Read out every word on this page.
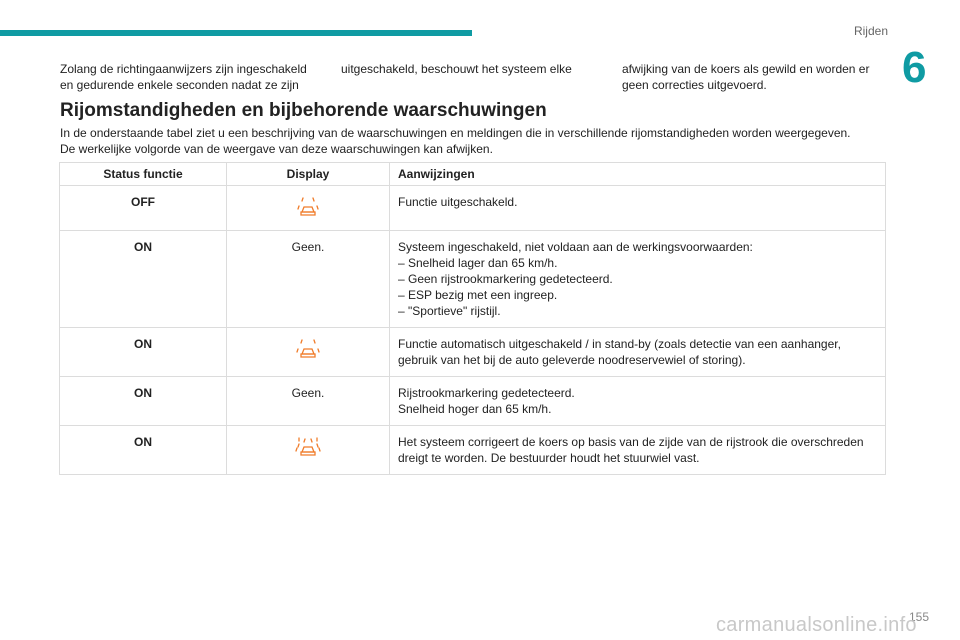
Rijden
6
Zolang de richtingaanwijzers zijn ingeschakeld en gedurende enkele seconden nadat ze zijn
uitgeschakeld, beschouwt het systeem elke	afwijking van de koers als gewild en worden er geen correcties uitgevoerd.
Rijomstandigheden en bijbehorende waarschuwingen
In de onderstaande tabel ziet u een beschrijving van de waarschuwingen en meldingen die in verschillende rijomstandigheden worden weergegeven.
De werkelijke volgorde van de weergave van deze waarschuwingen kan afwijken.
Status functie	Display	Aanwijzingen
OFF		Functie uitgeschakeld.

ON	Geen.	Systeem ingeschakeld, niet voldaan aan de werkingsvoorwaarden:
– Snelheid lager dan 65 km/h.
– Geen rijstrookmarkering gedetecteerd.
– ESP bezig met een ingreep.
– "Sportieve" rijstijl.

ON		Functie automatisch uitgeschakeld / in stand-by (zoals detectie van een aanhanger, gebruik van het bij de auto geleverde noodreservewiel of storing).

ON	Geen.	Rijstrookmarkering gedetecteerd.
Snelheid hoger dan 65 km/h.

ON		Het systeem corrigeert de koers op basis van de zijde van de rijstrook die overschreden dreigt te worden. De bestuurder houdt het stuurwiel vast.
155
carmanualsonline.info
